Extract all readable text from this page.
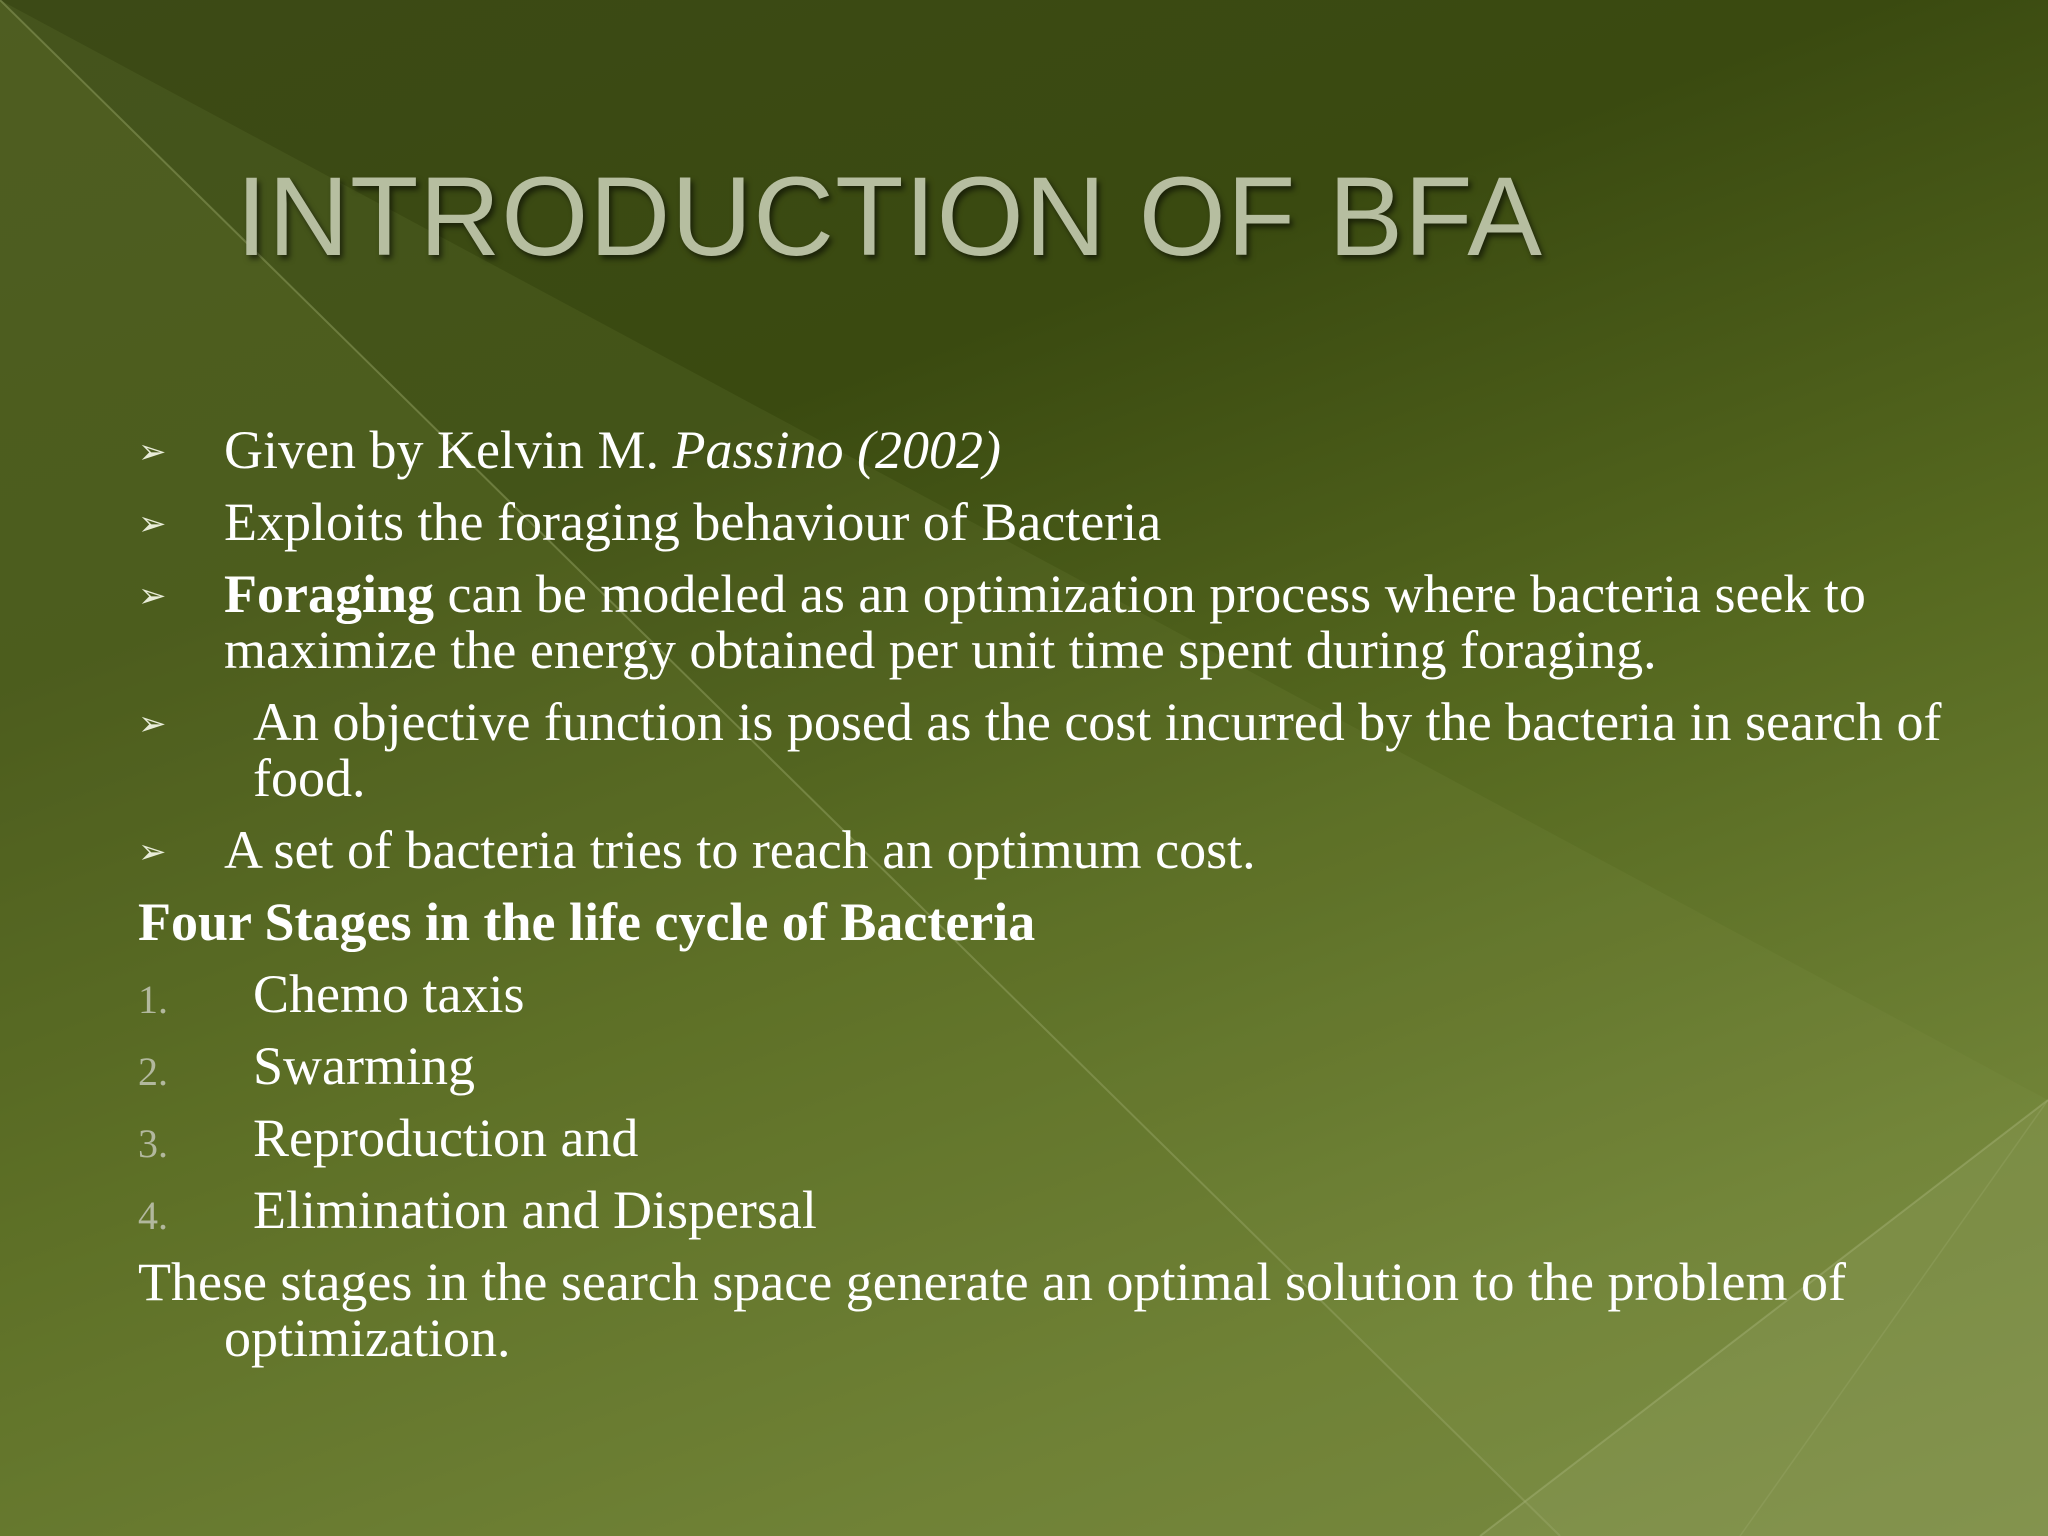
INTRODUCTION OF BFA
➢ Given by Kelvin M. Passino (2002)
➢ Exploits the foraging behaviour of Bacteria
➢ Foraging can be modeled as an optimization process where bacteria seek to maximize the energy obtained per unit time spent during foraging.
➢ An objective function is posed as the cost incurred by the bacteria in search of food.
➢ A set of bacteria tries to reach an optimum cost.
Four Stages in the life cycle of Bacteria
1. Chemo taxis
2. Swarming
3. Reproduction and
4. Elimination and Dispersal
These stages in the search space generate an optimal solution to the problem of optimization.
